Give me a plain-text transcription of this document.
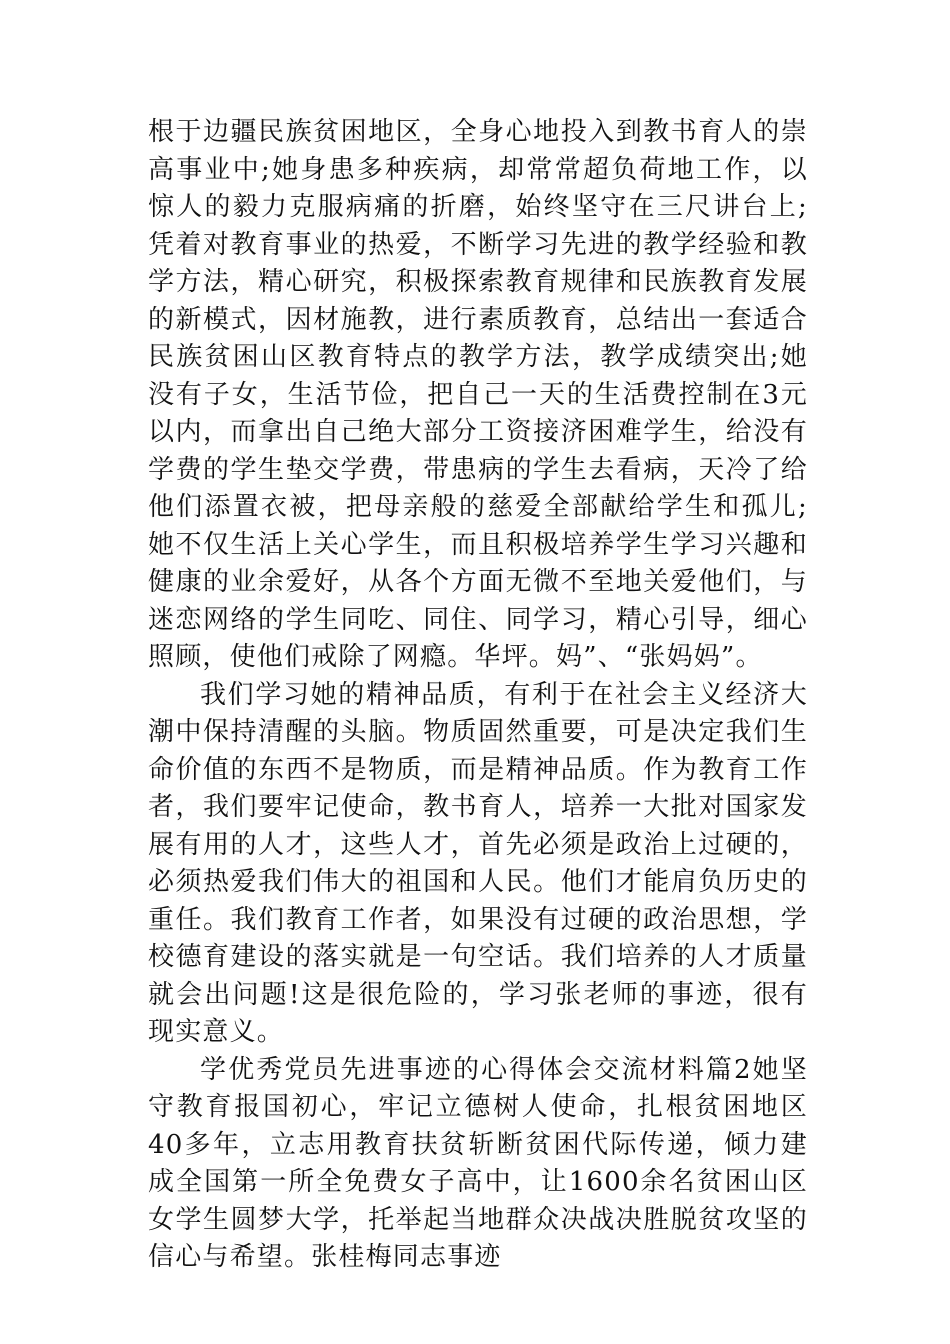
根于边疆民族贫困地区，全身心地投入到教书育人的崇高事业中;她身患多种疾病，却常常超负荷地工作，以惊人的毅力克服病痛的折磨，始终坚守在三尺讲台上;凭着对教育事业的热爱，不断学习先进的教学经验和教学方法，精心研究，积极探索教育规律和民族教育发展的新模式，因材施教，进行素质教育，总结出一套适合民族贫困山区教育特点的教学方法，教学成绩突出;她没有子女，生活节俭，把自己一天的生活费控制在3元以内，而拿出自己绝大部分工资接济困难学生，给没有学费的学生垫交学费，带患病的学生去看病，天冷了给他们添置衣被，把母亲般的慈爱全部献给学生和孤儿;她不仅生活上关心学生，而且积极培养学生学习兴趣和健康的业余爱好，从各个方面无微不至地关爱他们，与迷恋网络的学生同吃、同住、同学习，精心引导，细心照顾，使他们戒除了网瘾。华坪。妈”、“张妈妈”。

我们学习她的精神品质，有利于在社会主义经济大潮中保持清醒的头脑。物质固然重要，可是决定我们生命价值的东西不是物质，而是精神品质。作为教育工作者，我们要牢记使命，教书育人，培养一大批对国家发展有用的人才，这些人才，首先必须是政治上过硬的，必须热爱我们伟大的祖国和人民。他们才能肩负历史的重任。我们教育工作者，如果没有过硬的政治思想，学校德育建设的落实就是一句空话。我们培养的人才质量就会出问题!这是很危险的，学习张老师的事迹，很有现实意义。

学优秀党员先进事迹的心得体会交流材料篇2她坚守教育报国初心，牢记立德树人使命，扎根贫困地区40多年，立志用教育扶贫斩断贫困代际传递，倾力建成全国第一所全免费女子高中，让1600余名贫困山区女学生圆梦大学，托举起当地群众决战决胜脱贫攻坚的信心与希望。张桂梅同志事迹
